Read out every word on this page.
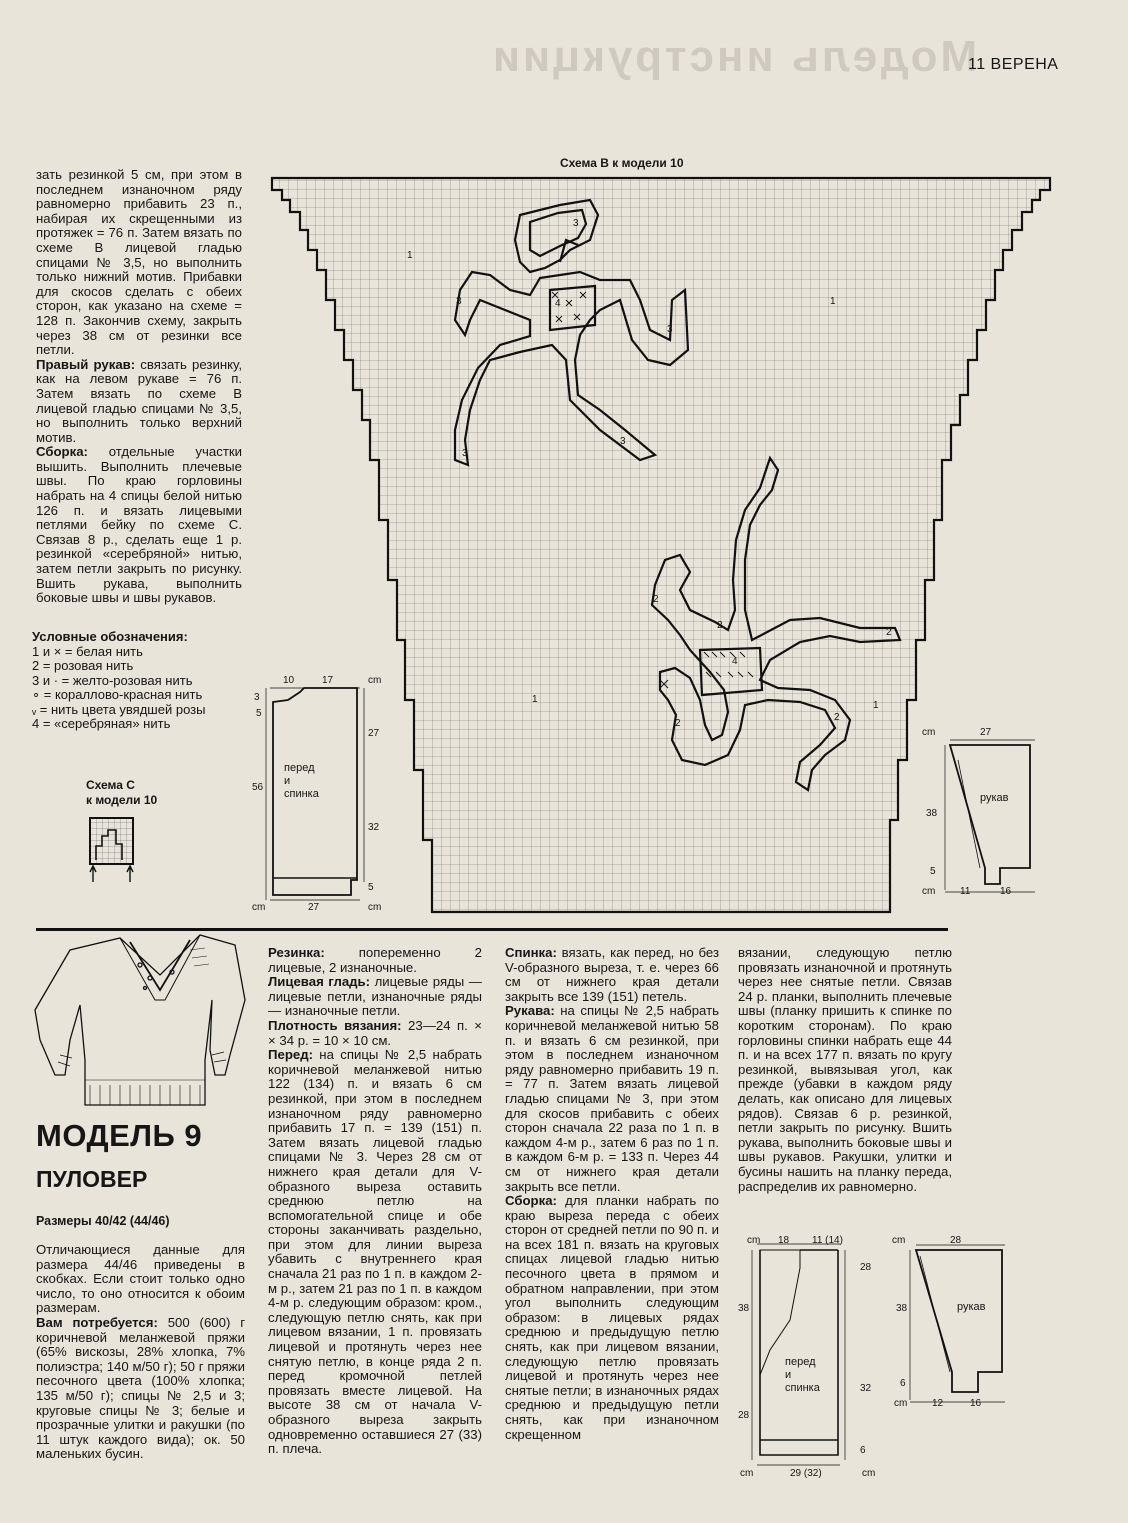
Модель инструкции
11 ВЕРЕНА
Схема В к модели 10
1
1
1
1
2
2
2
2
2
3
3
3
3
3
4
4

зать резинкой 5 см, при этом в последнем изнаночном ряду равномерно прибавить 23 п., набирая их скрещенными из протяжек = 76 п. Затем вязать по схеме В лицевой гладью спицами № 3,5, но выполнить только нижний мотив. Прибавки для скосов сделать с обеих сторон, как указано на схеме = 128 п. Закончив схему, закрыть через 38 см от резинки все петли.

Правый рукав: связать резинку, как на левом рукаве = 76 п. Затем вязать по схеме В лицевой гладью спицами № 3,5, но выполнить только верхний мотив.

Сборка: отдельные участки вышить. Выполнить плечевые швы. По краю горловины набрать на 4 спицы белой нитью 126 п. и вязать лицевыми петлями бейку по схеме С. Связав 8 р., сделать еще 1 р. резинкой «серебряной» нитью, затем петли закрыть по рисунку. Вшить рукава, выполнить боковые швы и швы рукавов.

Условные обозначения:

1 и × = белая нить

2 = розовая нить

3 и · = желто-розовая нить

∘ = кораллово-красная нить

ᵥ = нить цвета увядшей розы

4 = «серебряная» нить

Схема С
к модели 10
cm
10	17
3
5
27
56
32
5
cm	27	cm
перед
и
спинка
cm	27
38
5
cm 11	16
рукав
МОДЕЛЬ 9
ПУЛОВЕР
Размеры 40/42 (44/46)

Отличающиеся данные для размера 44/46 приведены в скобках. Если стоит только одно число, то оно относится к обоим размерам.

Вам потребуется: 500 (600) г коричневой меланжевой пряжи (65% вискозы, 28% хлопка, 7% полиэстра; 140 м/50 г); 50 г пряжи песочного цвета (100% хлопка; 135 м/50 г); спицы № 2,5 и 3; круговые спицы № 3; белые и прозрачные улитки и ракушки (по 11 штук каждого вида); ок. 50 маленьких бусин.

Резинка: попеременно 2 лицевые, 2 изнаночные.

Лицевая гладь: лицевые ряды — лицевые петли, изнаночные ряды — изнаночные петли.

Плотность вязания: 23—24 п. × × 34 р. = 10 × 10 см.

Перед: на спицы № 2,5 набрать коричневой меланжевой нитью 122 (134) п. и вязать 6 см резинкой, при этом в последнем изнаночном ряду равномерно прибавить 17 п. = 139 (151) п. Затем вязать лицевой гладью спицами № 3. Через 28 см от нижнего края детали для V-образного выреза оставить среднюю петлю на вспомогательной спице и обе стороны заканчивать раздельно, при этом для линии выреза убавить с внутреннего края сначала 21 раз по 1 п. в каждом 2-м р., затем 21 раз по 1 п. в каждом 4-м р. следующим образом: кром., следующую петлю снять, как при лицевом вязании, 1 п. провязать лицевой и протянуть через нее снятую петлю, в конце ряда 2 п. перед кромочной петлей провязать вместе лицевой. На высоте 38 см от начала V-образного выреза закрыть одновременно оставшиеся 27 (33) п. плеча.

Спинка: вязать, как перед, но без V-образного выреза, т. е. через 66 см от нижнего края детали закрыть все 139 (151) петель.

Рукава: на спицы № 2,5 набрать коричневой меланжевой нитью 58 п. и вязать 6 см резинкой, при этом в последнем изнаночном ряду равномерно прибавить 19 п. = 77 п. Затем вязать лицевой гладью спицами № 3, при этом для скосов прибавить с обеих сторон сначала 22 раза по 1 п. в каждом 4-м р., затем 6 раз по 1 п. в каждом 6-м р. = 133 п. Через 44 см от нижнего края детали закрыть все петли.

Сборка: для планки набрать по краю выреза переда с обеих сторон от средней петли по 90 п. и на всех 181 п. вязать на круговых спицах лицевой гладью нитью песочного цвета в прямом и обратном направлении, при этом угол выполнить следующим образом: в лицевых рядах среднюю и предыдущую петлю снять, как при лицевом вязании, следующую петлю провязать лицевой и протянуть через нее снятые петли; в изнаночных рядах среднюю и предыдущую петли снять, как при изнаночном скрещенном

вязании, следующую петлю провязать изнаночной и протянуть через нее снятые петли. Связав 24 р. планки, выполнить плечевые швы (планку пришить к спинке по коротким сторонам). По краю горловины спинки набрать еще 44 п. и на всех 177 п. вязать по кругу резинкой, вывязывая угол, как прежде (убавки в каждом ряду делать, как описано для лицевых рядов). Связав 6 р. резинкой, петли закрыть по рисунку. Вшить рукава, выполнить боковые швы и швы рукавов. Ракушки, улитки и бусины нашить на планку переда, распределив их равномерно.

cm 18 11 (14)
38
28
28
38
32
6
cm	29 (32)	cm
перед
и
спинка
cm	28
6
cm 12	16
рукав
